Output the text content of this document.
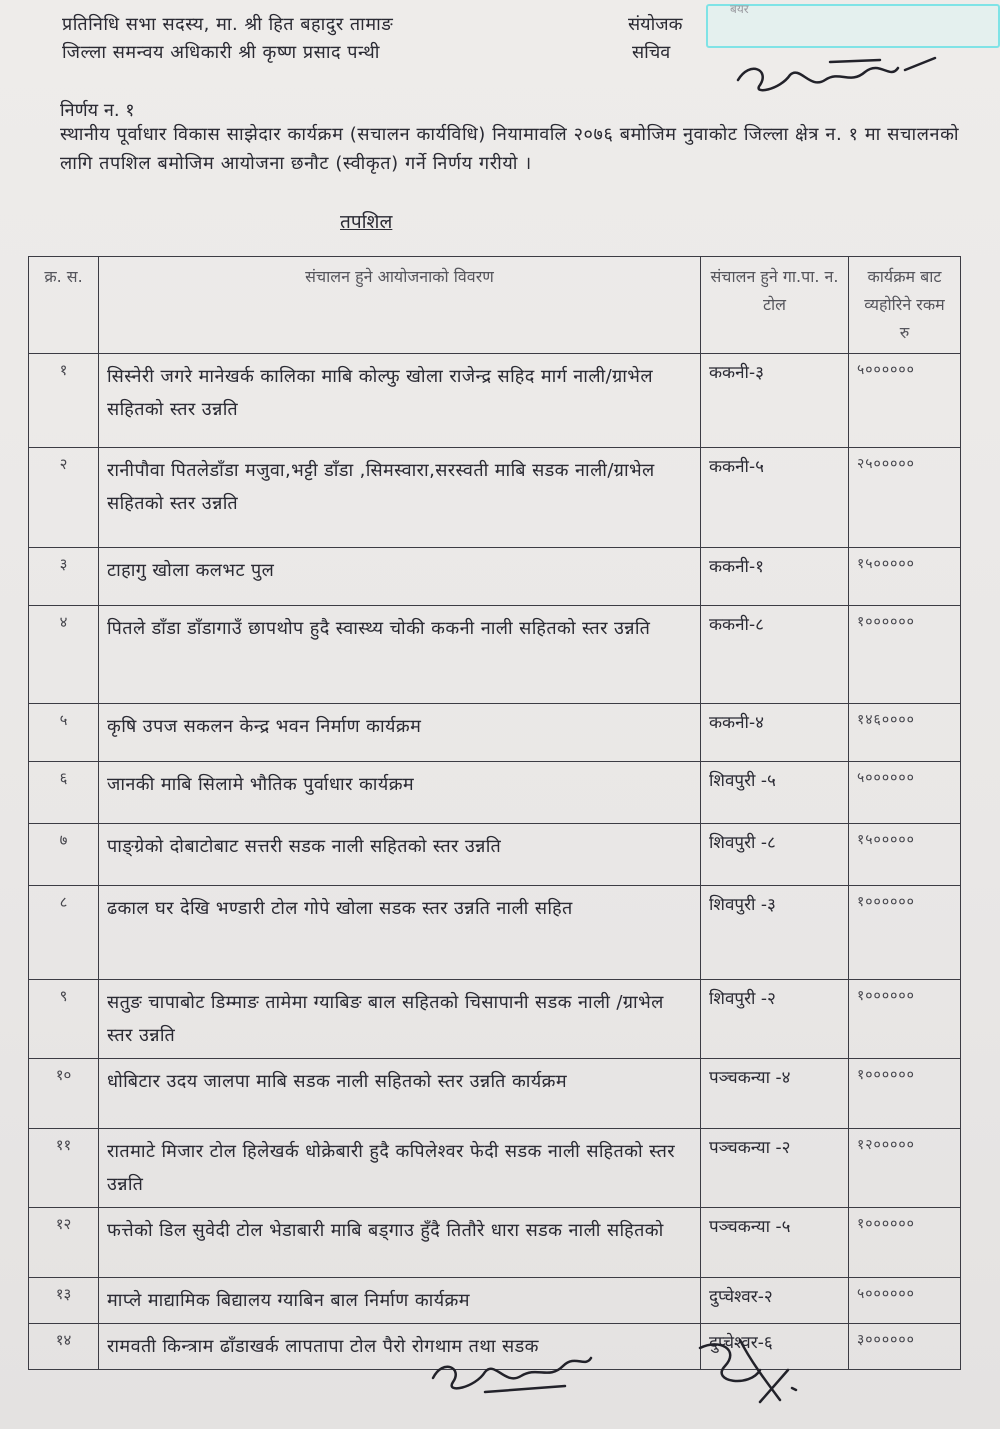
प्रतिनिधि सभा सदस्य, मा. श्री हित बहादुर तामाङ	संयोजक
जिल्ला समन्वय अधिकारी श्री कृष्ण प्रसाद पन्थी	सचिव
बयर
निर्णय न. १
स्थानीय पूर्वाधार विकास साझेदार कार्यक्रम (सचालन कार्यविधि) नियामावलि २०७६ बमोजिम नुवाकोट जिल्ला क्षेत्र न. १ मा सचालनको लागि तपशिल बमोजिम आयोजना छनौट (स्वीकृत) गर्ने निर्णय गरीयो ।
तपशिल
क्र. स.	संचालन हुने आयोजनाको विवरण	संचालन हुने गा.पा. न. टोल	कार्यक्रम बाट व्यहोरिने रकम रु
१	सिस्नेरी जगरे मानेखर्क कालिका माबि कोल्फु खोला राजेन्द्र सहिद मार्ग नाली/ग्राभेल सहितको स्तर उन्नति	ककनी-३	५००००००
२	रानीपौवा पितलेडाँडा मजुवा,भट्टी डाँडा ,सिमस्वारा,सरस्वती माबि सडक नाली/ग्राभेल सहितको स्तर उन्नति	ककनी-५	२५०००००
३	टाहागु खोला कलभट पुल	ककनी-१	१५०००००
४	पितले डाँडा डाँडागाउँ छापथोप हुदै स्वास्थ्य चोकी ककनी नाली सहितको स्तर उन्नति	ककनी-८	१००००००
५	कृषि उपज सकलन केन्द्र भवन निर्माण कार्यक्रम	ककनी-४	१४६००००
६	जानकी माबि सिलामे भौतिक पुर्वाधार कार्यक्रम	शिवपुरी -५	५००००००
७	पाङ्ग्रेको दोबाटोबाट सत्तरी सडक नाली सहितको स्तर उन्नति	शिवपुरी -८	१५०००००
८	ढकाल घर देखि भण्डारी टोल गोपे खोला सडक स्तर उन्नति नाली सहित	शिवपुरी -३	१००००००
९	सतुङ चापाबोट डिम्माङ तामेमा ग्याबिङ बाल सहितको चिसापानी सडक नाली /ग्राभेल स्तर उन्नति	शिवपुरी -२	१००००००
१०	धोबिटार उदय जालपा माबि सडक नाली सहितको स्तर उन्नति कार्यक्रम	पञ्चकन्या -४	१००००००
११	रातमाटे मिजार टोल हिलेखर्क धोक्रेबारी हुदै कपिलेश्वर फेदी सडक नाली सहितको स्तर उन्नति	पञ्चकन्या -२	१२०००००
१२	फत्तेको डिल सुवेदी टोल भेडाबारी माबि बड्गाउ हुँदै तितौरे धारा सडक नाली सहितको	पञ्चकन्या -५	१००००००
१३	माप्ले माद्यामिक बिद्यालय ग्याबिन बाल निर्माण कार्यक्रम	दुप्चेश्वर-२	५००००००
१४	रामवती किन्त्राम ढाँडाखर्क लापतापा टोल पैरो रोगथाम तथा सडक	दुप्चेश्वर-६	३००००००
